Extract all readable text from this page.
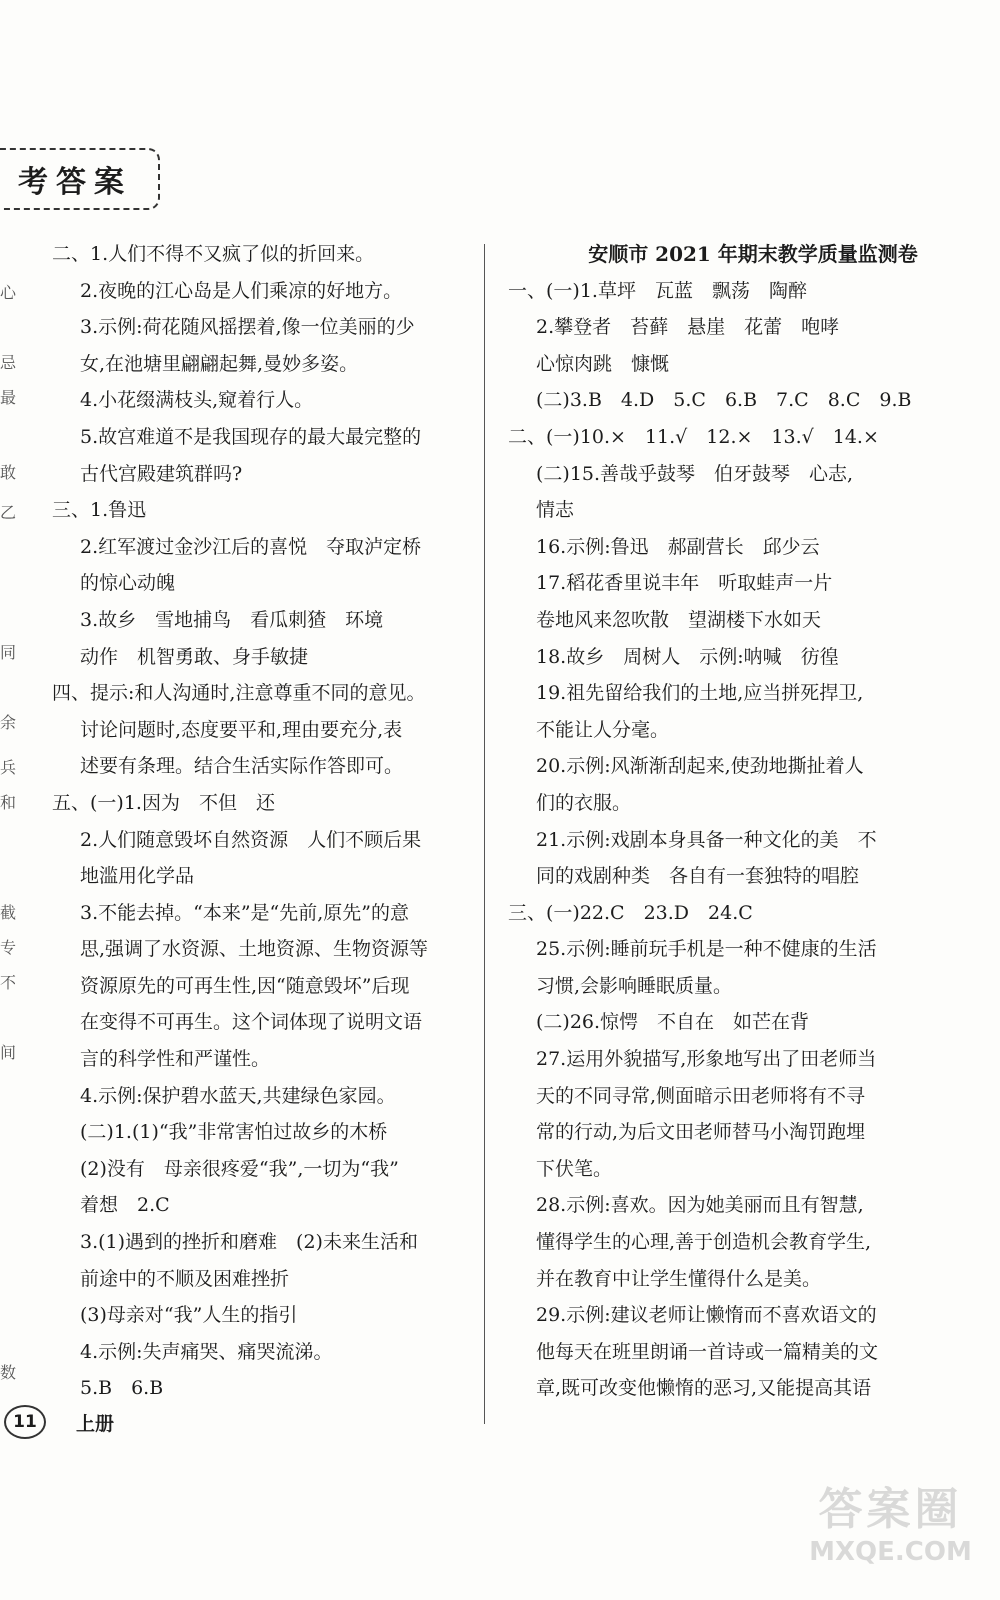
考答案
心
忌
最
敢
乙
同
余
兵
和
截
专
不
间
数
二、1.人们不得不又疯了似的折回来。
2.夜晚的江心岛是人们乘凉的好地方。
3.示例:荷花随风摇摆着,像一位美丽的少
女,在池塘里翩翩起舞,曼妙多姿。
4.小花缀满枝头,窥着行人。
5.故宫难道不是我国现存的最大最完整的
古代宫殿建筑群吗?
三、1.鲁迅
2.红军渡过金沙江后的喜悦　夺取泸定桥
的惊心动魄
3.故乡　雪地捕鸟　看瓜刺猹　环境
动作　机智勇敢、身手敏捷
四、提示:和人沟通时,注意尊重不同的意见。
讨论问题时,态度要平和,理由要充分,表
述要有条理。结合生活实际作答即可。
五、(一)1.因为　不但　还
2.人们随意毁坏自然资源　人们不顾后果
地滥用化学品
3.不能去掉。“本来”是“先前,原先”的意
思,强调了水资源、土地资源、生物资源等
资源原先的可再生性,因“随意毁坏”后现
在变得不可再生。这个词体现了说明文语
言的科学性和严谨性。
4.示例:保护碧水蓝天,共建绿色家园。
(二)1.(1)“我”非常害怕过故乡的木桥
(2)没有　母亲很疼爱“我”,一切为“我”
着想　2.C
3.(1)遇到的挫折和磨难　(2)未来生活和
前途中的不顺及困难挫折
(3)母亲对“我”人生的指引
4.示例:失声痛哭、痛哭流涕。
5.B　6.B
安顺市 2021 年期末教学质量监测卷
一、(一)1.草坪　瓦蓝　飘荡　陶醉
2.攀登者　苔藓　悬崖　花蕾　咆哮
心惊肉跳　慷慨
(二)3.B　4.D　5.C　6.B　7.C　8.C　9.B
二、(一)10.×　11.√　12.×　13.√　14.×
(二)15.善哉乎鼓琴　伯牙鼓琴　心志,
情志
16.示例:鲁迅　郝副营长　邱少云
17.稻花香里说丰年　听取蛙声一片
卷地风来忽吹散　望湖楼下水如天
18.故乡　周树人　示例:呐喊　彷徨
19.祖先留给我们的土地,应当拼死捍卫,
不能让人分毫。
20.示例:风渐渐刮起来,使劲地撕扯着人
们的衣服。
21.示例:戏剧本身具备一种文化的美　不
同的戏剧种类　各自有一套独特的唱腔
三、(一)22.C　23.D　24.C
25.示例:睡前玩手机是一种不健康的生活
习惯,会影响睡眠质量。
(二)26.惊愕　不自在　如芒在背
27.运用外貌描写,形象地写出了田老师当
天的不同寻常,侧面暗示田老师将有不寻
常的行动,为后文田老师替马小淘罚跑埋
下伏笔。
28.示例:喜欢。因为她美丽而且有智慧,
懂得学生的心理,善于创造机会教育学生,
并在教育中让学生懂得什么是美。
29.示例:建议老师让懒惰而不喜欢语文的
他每天在班里朗诵一首诗或一篇精美的文
章,既可改变他懒惰的恶习,又能提高其语
11	上册
答案圈
MXQE.COM
